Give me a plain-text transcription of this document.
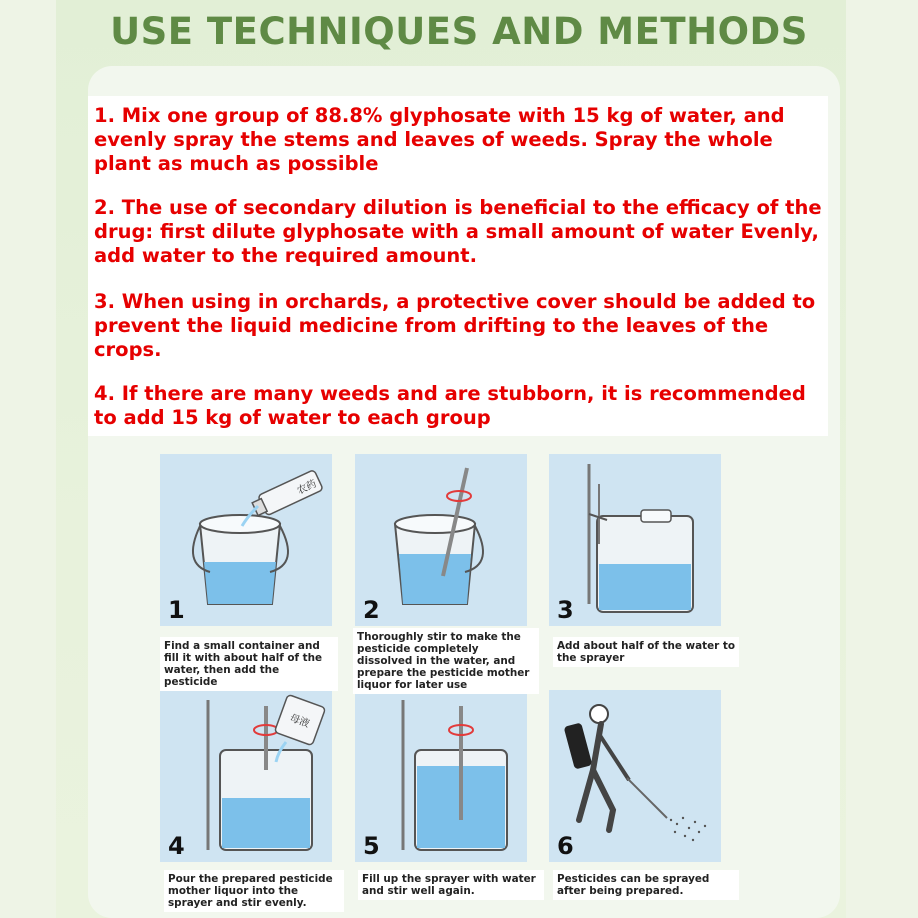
USE TECHNIQUES AND METHODS
1. Mix one group of 88.8% glyphosate with 15 kg of water, and evenly spray the stems and leaves of weeds. Spray the whole plant as much as possible
2. The use of secondary dilution is beneficial to the efficacy of the drug: first dilute glyphosate with a small amount of water Evenly, add water to the required amount.
3. When using in orchards, a protective cover should be added to prevent the liquid medicine from drifting to the leaves of the crops.
4. If there are many weeds and are stubborn, it is recommended to add 15 kg of water to each group
农药
1	2	3
母液
4	5	6
Find a small container and fill it with about half of the water, then add the pesticide
Thoroughly stir to make the pesticide completely dissolved in the water, and prepare the pesticide mother liquor for later use
Add about half of the water to the sprayer
Pour the prepared pesticide mother liquor into the sprayer and stir evenly.
Fill up the sprayer with water and stir well again.
Pesticides can be sprayed after being prepared.
